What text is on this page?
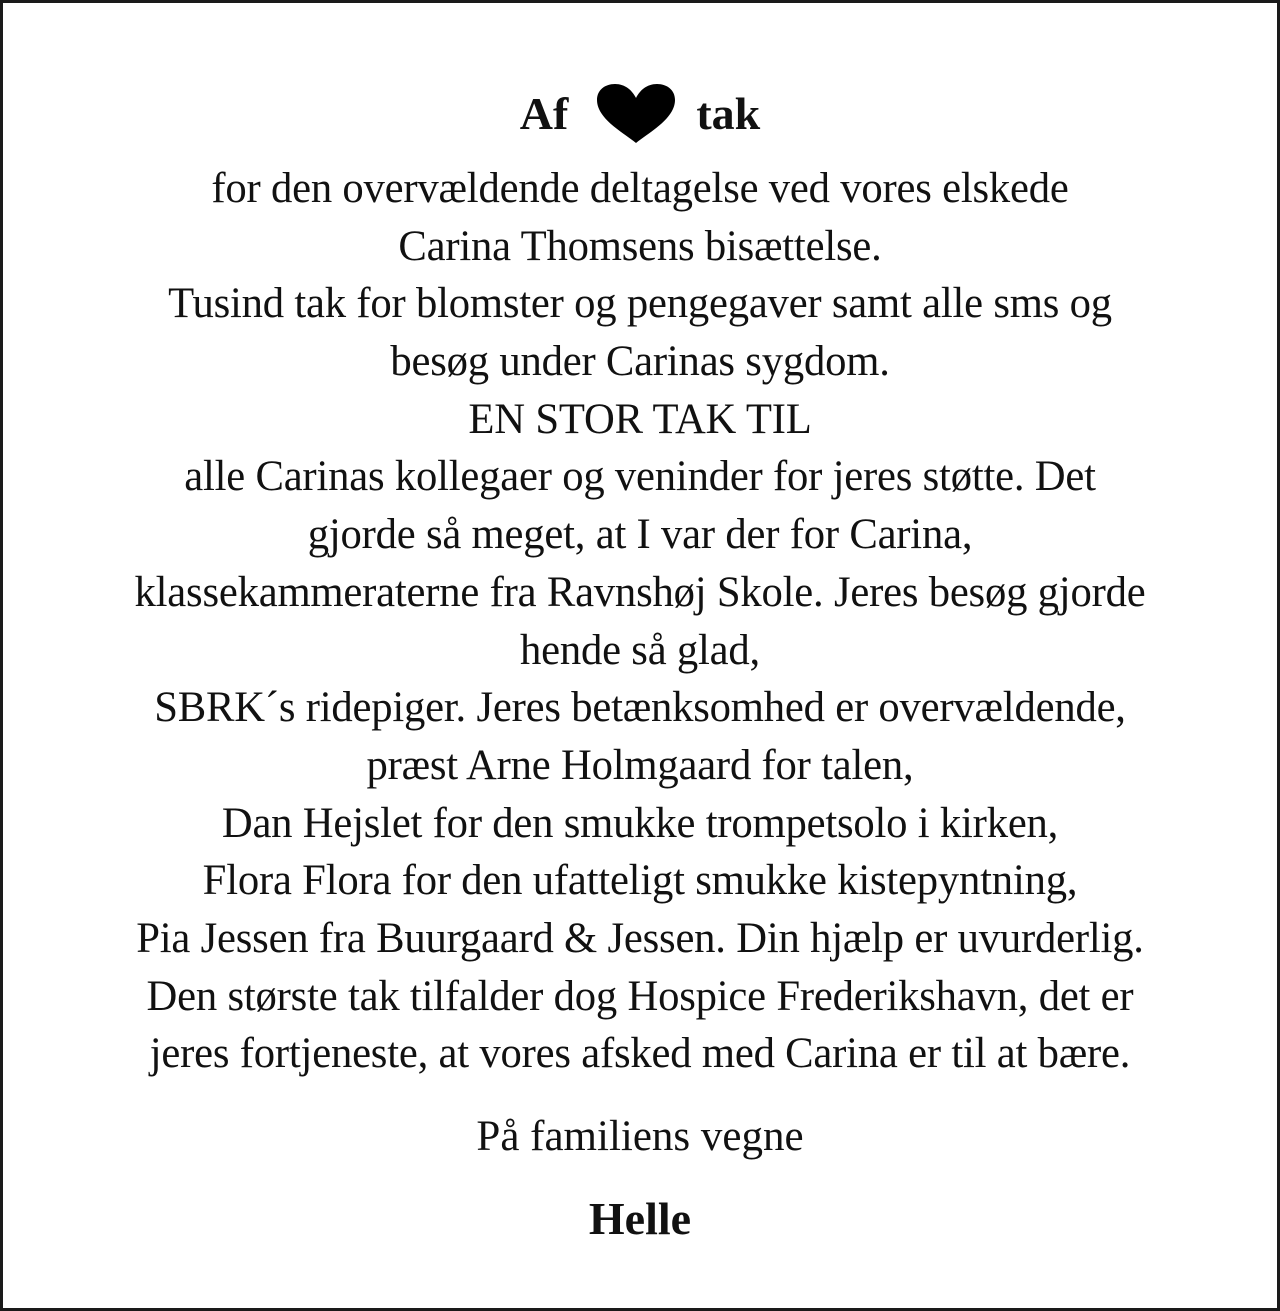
Af	tak
for den overvældende deltagelse ved vores elskede
Carina Thomsens bisættelse.
Tusind tak for blomster og pengegaver samt alle sms og
besøg under Carinas sygdom.
EN STOR TAK TIL
alle Carinas kollegaer og veninder for jeres støtte. Det
gjorde så meget, at I var der for Carina,
klassekammeraterne fra Ravnshøj Skole. Jeres besøg gjorde
hende så glad,
SBRK´s ridepiger. Jeres betænksomhed er overvældende,
præst Arne Holmgaard for talen,
Dan Hejslet for den smukke trompetsolo i kirken,
Flora Flora for den ufatteligt smukke kistepyntning,
Pia Jessen fra Buurgaard & Jessen. Din hjælp er uvurderlig.
Den største tak tilfalder dog Hospice Frederikshavn, det er
jeres fortjeneste, at vores afsked med Carina er til at bære.
På familiens vegne
Helle
